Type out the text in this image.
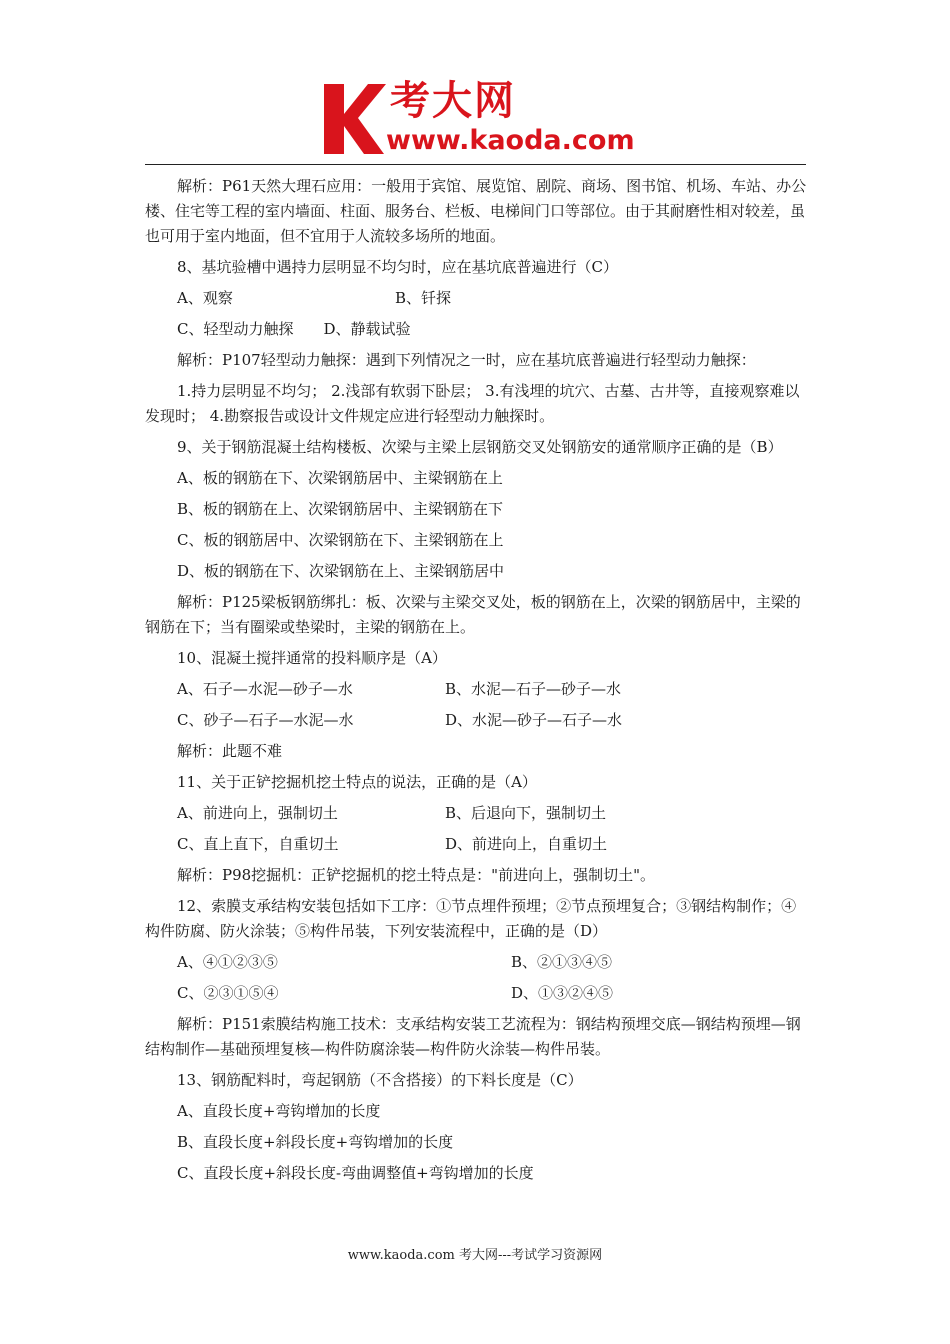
考大网
www.kaoda.com

解析：P61天然大理石应用：一般用于宾馆、展览馆、剧院、商场、图书馆、机场、车站、办公楼、住宅等工程的室内墙面、柱面、服务台、栏板、电梯间门口等部位。由于其耐磨性相对较差，虽也可用于室内地面，但不宜用于人流较多场所的地面。

8、基坑验槽中遇持力层明显不均匀时，应在基坑底普遍进行（C）

A、观察	B、钎探

C、轻型动力触探　　D、静载试验

解析：P107轻型动力触探：遇到下列情况之一时，应在基坑底普遍进行轻型动力触探：

1.持力层明显不均匀； 2.浅部有软弱下卧层； 3.有浅埋的坑穴、古墓、古井等，直接观察难以发现时； 4.勘察报告或设计文件规定应进行轻型动力触探时。

9、关于钢筋混凝土结构楼板、次梁与主梁上层钢筋交叉处钢筋安的通常顺序正确的是（B）

A、板的钢筋在下、次梁钢筋居中、主梁钢筋在上

B、板的钢筋在上、次梁钢筋居中、主梁钢筋在下

C、板的钢筋居中、次梁钢筋在下、主梁钢筋在上

D、板的钢筋在下、次梁钢筋在上、主梁钢筋居中

解析：P125梁板钢筋绑扎：板、次梁与主梁交叉处，板的钢筋在上，次梁的钢筋居中，主梁的钢筋在下；当有圈梁或垫梁时，主梁的钢筋在上。

10、混凝土搅拌通常的投料顺序是（A）

A、石子—水泥—砂子—水	B、水泥—石子—砂子—水
C、砂子—石子—水泥—水	D、水泥—砂子—石子—水

解析：此题不难

11、关于正铲挖掘机挖土特点的说法，正确的是（A）

A、前进向上，强制切土	B、后退向下，强制切土
C、直上直下，自重切土	D、前进向上，自重切土

解析：P98挖掘机：正铲挖掘机的挖土特点是："前进向上，强制切土"。

12、索膜支承结构安装包括如下工序：①节点埋件预埋；②节点预埋复合；③钢结构制作；④构件防腐、防火涂装；⑤构件吊装，下列安装流程中，正确的是（D）

A、④①②③⑤	B、②①③④⑤
C、②③①⑤④	D、①③②④⑤

解析：P151索膜结构施工技术：支承结构安装工艺流程为：钢结构预埋交底—钢结构预埋—钢结构制作—基础预埋复核—构件防腐涂装—构件防火涂装—构件吊装。

13、钢筋配料时，弯起钢筋（不含搭接）的下料长度是（C）

A、直段长度+弯钩增加的长度

B、直段长度+斜段长度+弯钩增加的长度

C、直段长度+斜段长度-弯曲调整值+弯钩增加的长度

www.kaoda.com 考大网---考试学习资源网
